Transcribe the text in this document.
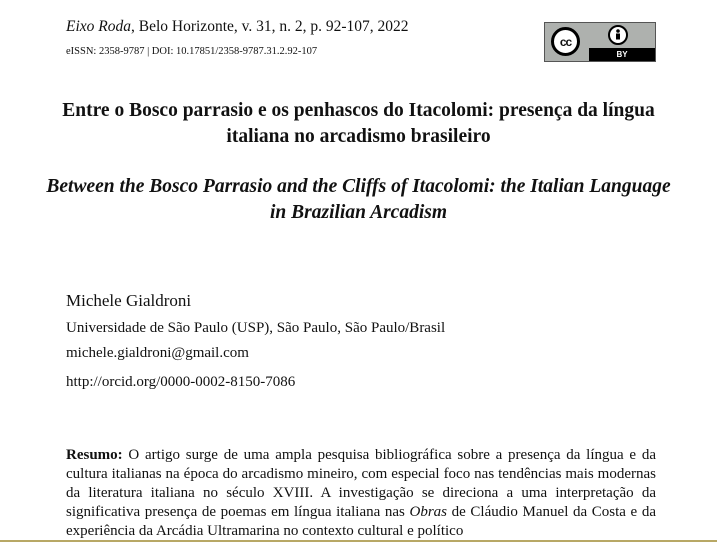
Eixo Roda, Belo Horizonte, v. 31, n. 2, p. 92-107, 2022
eISSN: 2358-9787 | DOI: 10.17851/2358-9787.31.2.92-107
cc
BY
Entre o Bosco parrasio e os penhascos do Itacolomi: presença da língua italiana no arcadismo brasileiro
Between the Bosco Parrasio and the Cliffs of Itacolomi: the Italian Language in Brazilian Arcadism
Michele Gialdroni
Universidade de São Paulo (USP), São Paulo, São Paulo/Brasil
michele.gialdroni@gmail.com
http://orcid.org/0000-0002-8150-7086
Resumo: O artigo surge de uma ampla pesquisa bibliográfica sobre a presença da língua e da cultura italianas na época do arcadismo mineiro, com especial foco nas tendências mais modernas da literatura italiana no século XVIII. A investigação se direciona a uma interpretação da significativa presença de poemas em língua italiana nas Obras de Cláudio Manuel da Costa e da experiência da Arcádia Ultramarina no contexto cultural e político
